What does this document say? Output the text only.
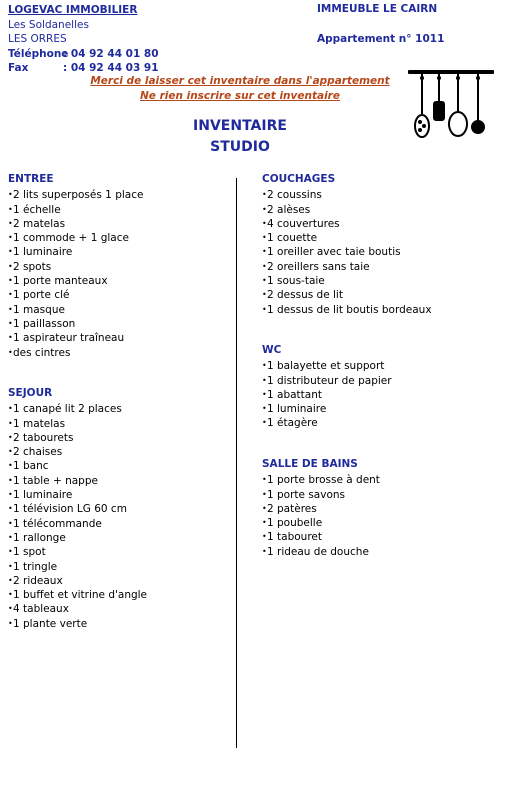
LOGEVAC IMMOBILIER
Les Soldanelles
LES ORRES
Téléphone: 04 92 44 01 80
Fax	: 04 92 44 03 91
IMMEUBLE LE CAIRN
Appartement n° 1011
Merci de laisser cet inventaire dans l'appartement
Ne rien inscrire sur cet inventaire
INVENTAIRE
STUDIO
ENTREE
•2 lits superposés 1 place
•1 échelle
•2 matelas
•1 commode + 1 glace
•1 luminaire
•2 spots
•1 porte manteaux
•1 porte clé
•1 masque
•1 paillasson
•1 aspirateur traîneau
•des cintres
SEJOUR
•1 canapé lit 2 places
•1 matelas
•2 tabourets
•2 chaises
•1 banc
•1 table + nappe
•1 luminaire
•1 télévision LG 60 cm
•1 télécommande
•1 rallonge
•1 spot
•1 tringle
•2 rideaux
•1 buffet et vitrine d'angle
•4 tableaux
•1 plante verte
COUCHAGES
•2 coussins
•2 alèses
•4 couvertures
•1 couette
•1 oreiller avec taie boutis
•2 oreillers sans taie
•1 sous-taie
•2 dessus de lit
•1 dessus de lit boutis bordeaux
WC
•1 balayette et support
•1 distributeur de papier
•1 abattant
•1 luminaire
•1 étagère
SALLE DE BAINS
•1 porte brosse à dent
•1 porte savons
•2 patères
•1 poubelle
•1 tabouret
•1 rideau de douche
